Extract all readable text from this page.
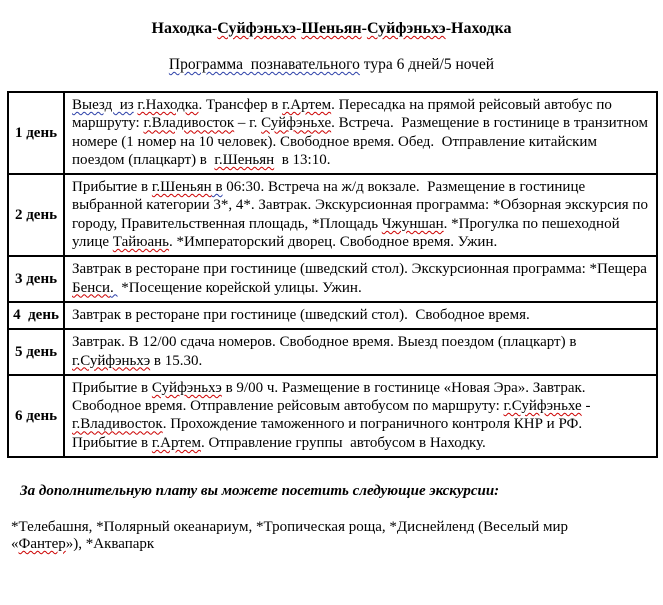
Находка-Суйфэньхэ-Шеньян-Суйфэньхэ-Находка
Программа  познавательного тура 6 дней/5 ночей
1 день	Выезд  из г.Находка. Трансфер в г.Артем. Пересадка на прямой рейсовый автобус по маршруту: г.Владивосток – г. Суйфэньхе. Встреча.  Размещение в гостинице в транзитном номере (1 номер на 10 человек). Свободное время. Обед.  Отправление китайским поездом (плацкарт) в  г.Шеньян  в 13:10.
2 день	Прибытие в г.Шеньян в 06:30. Встреча на ж/д вокзале.  Размещение в гостинице выбранной категории 3*, 4*. Завтрак. Экскурсионная программа: *Обзорная экскурсия по городу, Правительственная площадь, *Площадь Чжуншан. *Прогулка по пешеходной улице Тайюань. *Императорский дворец. Свободное время. Ужин.
3 день	Завтрак в ресторане при гостинице (шведский стол). Экскурсионная программа: *Пещера Бенси.  *Посещение корейской улицы. Ужин.
4  день	Завтрак в ресторане при гостинице (шведский стол).  Свободное время.
5 день	Завтрак. В 12/00 сдача номеров. Свободное время. Выезд поездом (плацкарт) в г.Суйфэньхэ в 15.30.
6 день	Прибытие в Суйфэньхэ в 9/00 ч. Размещение в гостинице «Новая Эра». Завтрак. Свободное время. Отправление рейсовым автобусом по маршруту: г.Суйфэньхе - г.Владивосток. Прохождение таможенного и пограничного контроля КНР и РФ. Прибытие в г.Артем. Отправление группы  автобусом в Находку.
За дополнительную плату вы можете посетить следующие экскурсии:
*Телебашня, *Полярный океанариум, *Тропическая роща, *Диснейленд (Веселый мир «Фантер»), *Аквапарк
